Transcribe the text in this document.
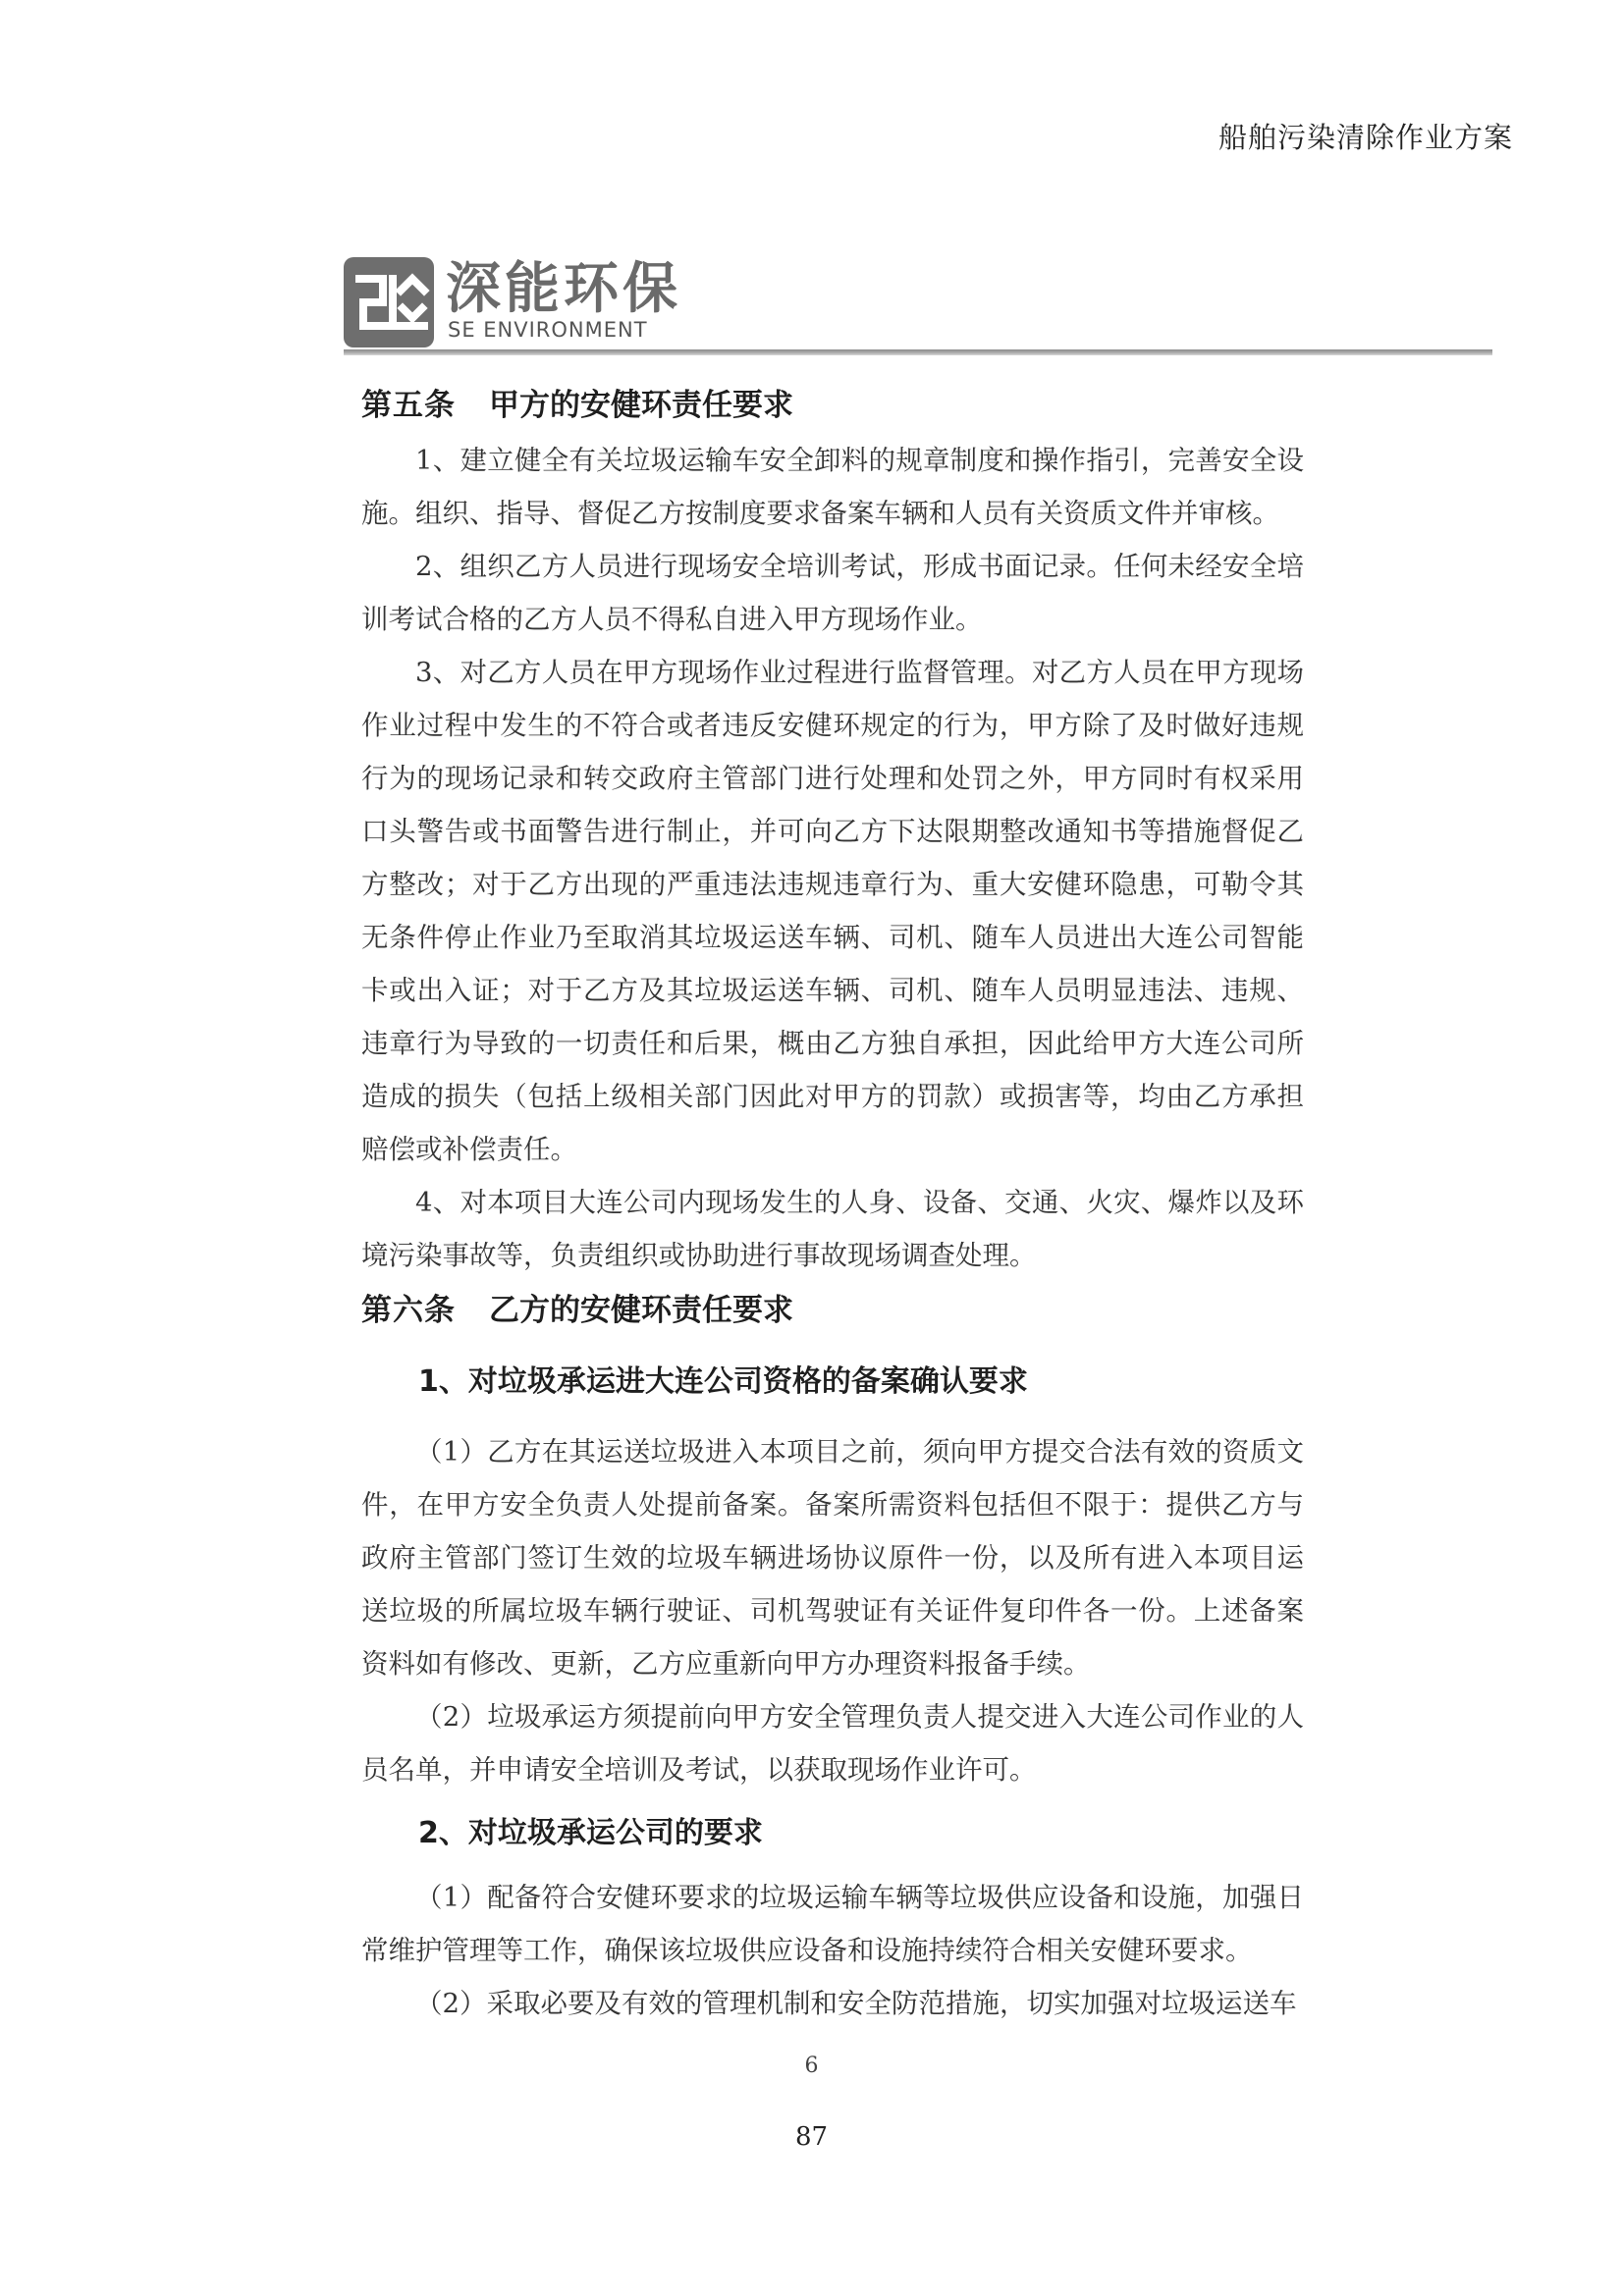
船舶污染清除作业方案
深能环保
SE ENVIRONMENT
第五条 甲方的安健环责任要求

1、建立健全有关垃圾运输车安全卸料的规章制度和操作指引，完善安全设施。组织、指导、督促乙方按制度要求备案车辆和人员有关资质文件并审核。

2、组织乙方人员进行现场安全培训考试，形成书面记录。任何未经安全培训考试合格的乙方人员不得私自进入甲方现场作业。

3、对乙方人员在甲方现场作业过程进行监督管理。对乙方人员在甲方现场作业过程中发生的不符合或者违反安健环规定的行为，甲方除了及时做好违规行为的现场记录和转交政府主管部门进行处理和处罚之外，甲方同时有权采用口头警告或书面警告进行制止，并可向乙方下达限期整改通知书等措施督促乙方整改；对于乙方出现的严重违法违规违章行为、重大安健环隐患，可勒令其无条件停止作业乃至取消其垃圾运送车辆、司机、随车人员进出大连公司智能卡或出入证；对于乙方及其垃圾运送车辆、司机、随车人员明显违法、违规、违章行为导致的一切责任和后果，概由乙方独自承担，因此给甲方大连公司所造成的损失（包括上级相关部门因此对甲方的罚款）或损害等，均由乙方承担赔偿或补偿责任。

4、对本项目大连公司内现场发生的人身、设备、交通、火灾、爆炸以及环境污染事故等，负责组织或协助进行事故现场调查处理。

第六条 乙方的安健环责任要求
1、对垃圾承运进大连公司资格的备案确认要求

（1）乙方在其运送垃圾进入本项目之前，须向甲方提交合法有效的资质文件，在甲方安全负责人处提前备案。备案所需资料包括但不限于：提供乙方与政府主管部门签订生效的垃圾车辆进场协议原件一份，以及所有进入本项目运送垃圾的所属垃圾车辆行驶证、司机驾驶证有关证件复印件各一份。上述备案资料如有修改、更新，乙方应重新向甲方办理资料报备手续。

（2）垃圾承运方须提前向甲方安全管理负责人提交进入大连公司作业的人员名单，并申请安全培训及考试，以获取现场作业许可。

2、对垃圾承运公司的要求

（1）配备符合安健环要求的垃圾运输车辆等垃圾供应设备和设施，加强日常维护管理等工作，确保该垃圾供应设备和设施持续符合相关安健环要求。

（2）采取必要及有效的管理机制和安全防范措施，切实加强对垃圾运送车

6
87
